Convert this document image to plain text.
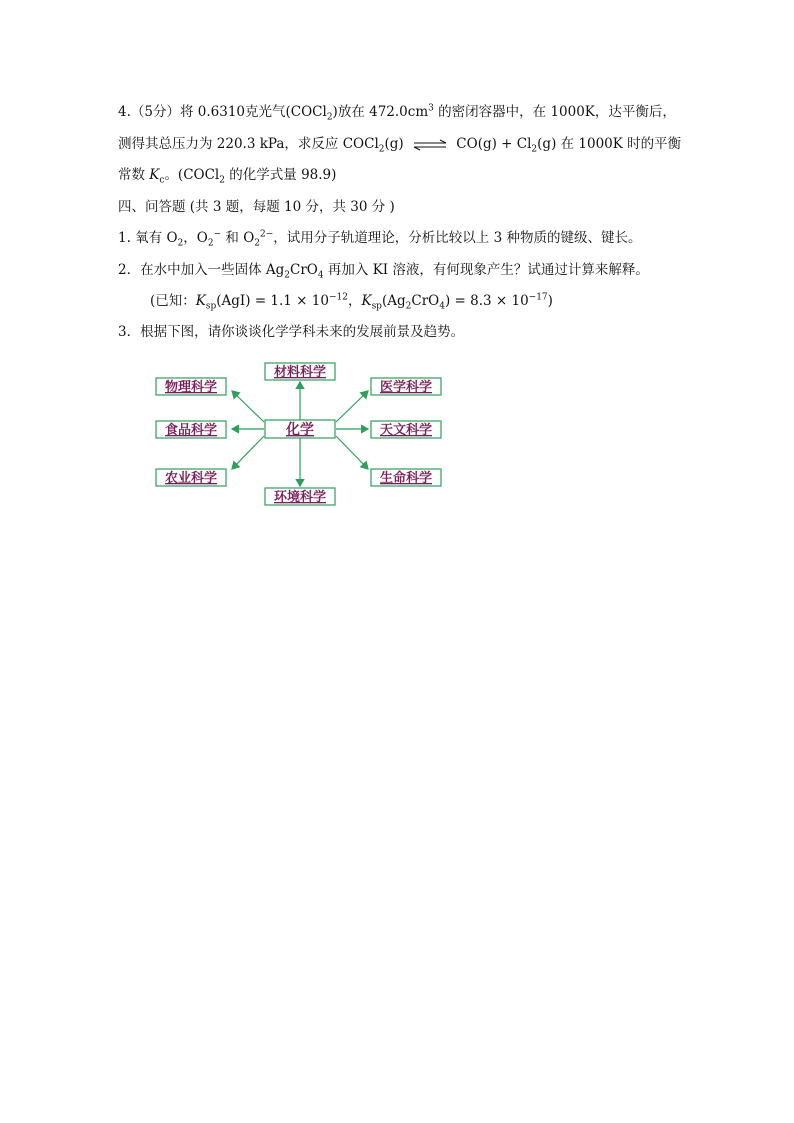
4.（5分）将 0.6310克光气(COCl$_2$)放在 $472.0cm^3$ 的密闭容器中，在 1000K，达平衡后，
测得其总压力为 220.3 kPa，求反应 COCl$_2$(g) ⇌ $CO(g) + Cl_2(g)$ 在 1000K 时的平衡
常数 $K_c$。(COCl$_2$ 的化学式量 98.9)
四、问答题 (共 3 题，每题 10 分，共 30 分 )
1. 氧有 $O_2$，$O_2^-$ 和 $O_2^{2-}$，试用分子轨道理论，分析比较以上 3 种物质的键级、键长。
2．在水中加入一些固体 $Ag_2CrO_4$ 再加入 KI 溶液，有何现象产生？试通过计算来解释。
(已知：$K_{sp}(AgI) = 1.1 \times 10^{-12}$，$K_{sp}(Ag_2CrO_4) = 8.3 \times 10^{-17}$)
3．根据下图，请你谈谈化学学科未来的发展前景及趋势。
化学
材料科学
环境科学
物理科学
食品科学
农业科学
医学科学
天文科学
生命科学
